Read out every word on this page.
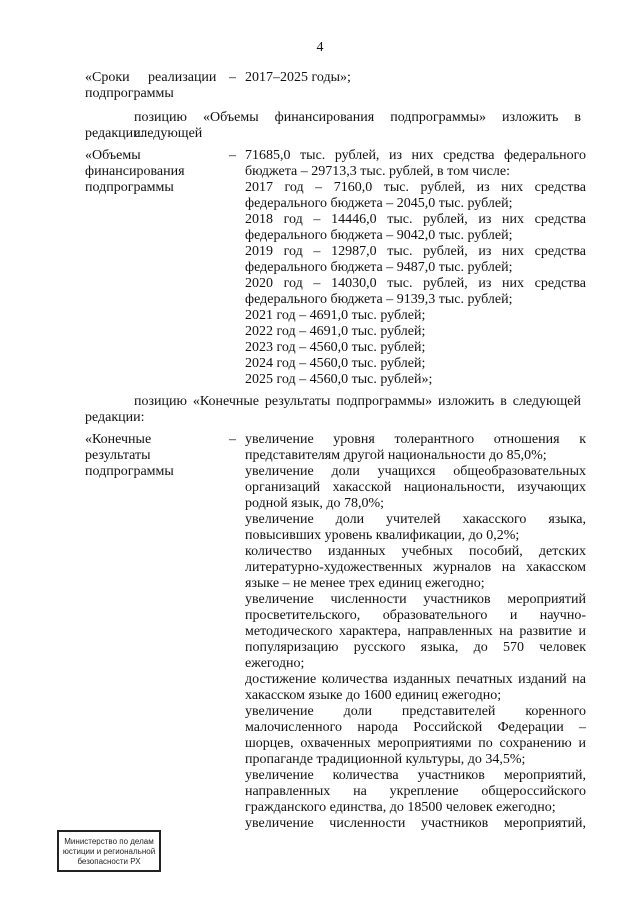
4
«Сроки реализации – 2017–2025 годы»;
подпрограммы
позицию «Объемы финансирования подпрограммы» изложить в следующей
редакции:
«Объемы
финансирования
подпрограммы
– 71685,0 тыс. рублей, из них средства федерального
бюджета – 29713,3 тыс. рублей, в том числе:
2017 год – 7160,0 тыс. рублей, из них средства
федерального бюджета – 2045,0 тыс. рублей;
2018 год – 14446,0 тыс. рублей, из них средства
федерального бюджета – 9042,0 тыс. рублей;
2019 год – 12987,0 тыс. рублей, из них средства
федерального бюджета – 9487,0 тыс. рублей;
2020 год – 14030,0 тыс. рублей, из них средства
федерального бюджета – 9139,3 тыс. рублей;
2021 год – 4691,0 тыс. рублей;
2022 год – 4691,0 тыс. рублей;
2023 год – 4560,0 тыс. рублей;
2024 год – 4560,0 тыс. рублей;
2025 год – 4560,0 тыс. рублей»;
позицию «Конечные результаты подпрограммы» изложить в следующей
редакции:
«Конечные
результаты
подпрограммы
– увеличение уровня толерантного отношения к
представителям другой национальности до 85,0%;
увеличение доли учащихся общеобразовательных
организаций хакасской национальности, изучающих
родной язык, до 78,0%;
увеличение доли учителей хакасского языка,
повысивших уровень квалификации, до 0,2%;
количество изданных учебных пособий, детских
литературно-художественных журналов на хакасском
языке – не менее трех единиц ежегодно;
увеличение численности участников мероприятий
просветительского, образовательного и научно-
методического характера, направленных на развитие и
популяризацию русского языка, до 570 человек
ежегодно;
достижение количества изданных печатных изданий на
хакасском языке до 1600 единиц ежегодно;
увеличение доли представителей коренного
малочисленного народа Российской Федерации –
шорцев, охваченных мероприятиями по сохранению и
пропаганде традиционной культуры, до 34,5%;
увеличение количества участников мероприятий,
направленных на укрепление общероссийского
гражданского единства, до 18500 человек ежегодно;
увеличение численности участников мероприятий,
Министерство по делам
юстиции и региональной
безопасности РХ
